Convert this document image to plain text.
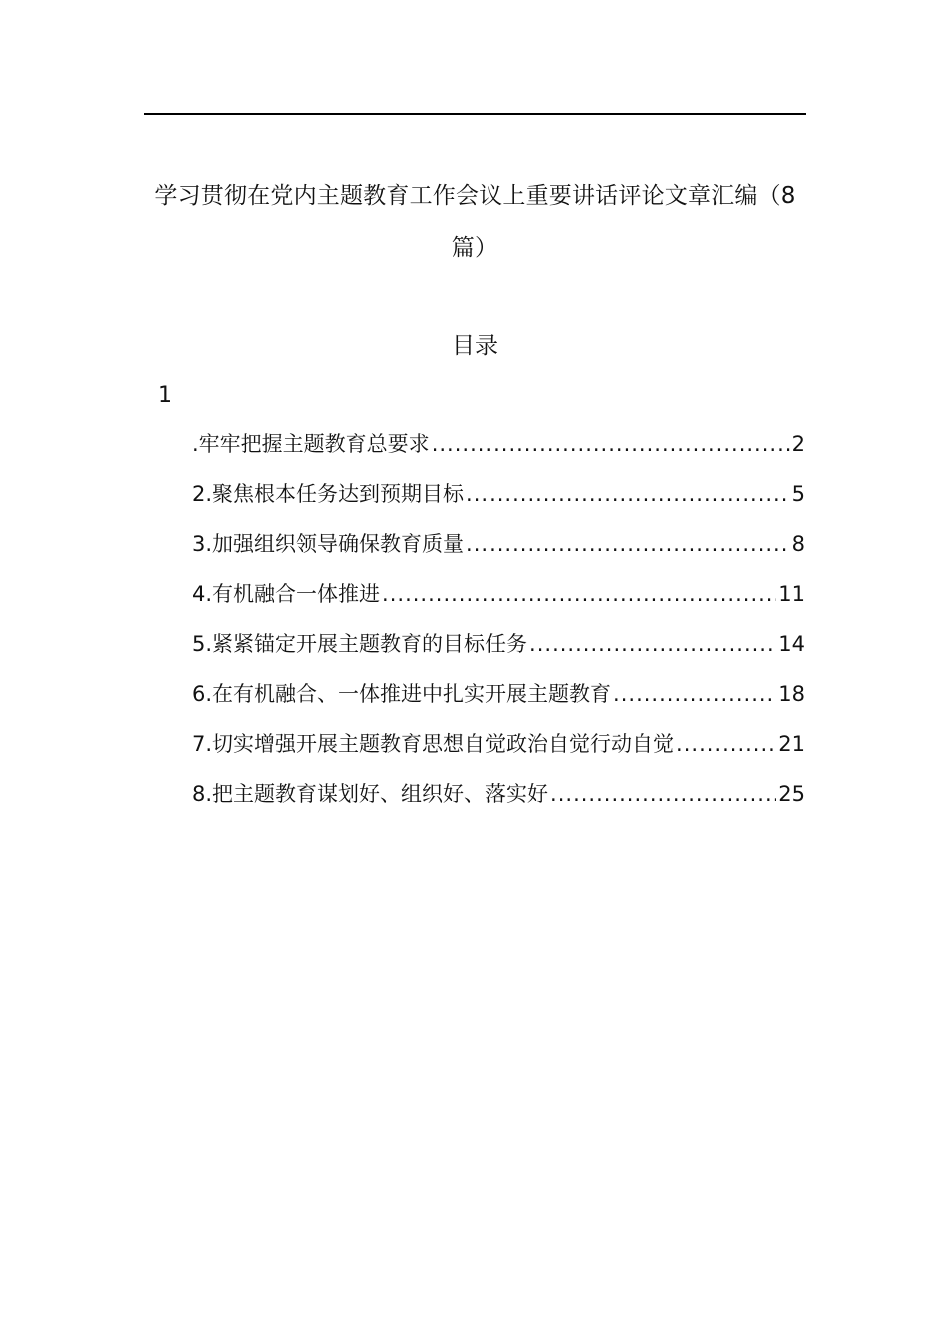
学习贯彻在党内主题教育工作会议上重要讲话评论文章汇编（8
篇）
目录
1
.牢牢把握主题教育总要求 .....	2
2.聚焦根本任务达到预期目标 .....	5
3.加强组织领导确保教育质量 .....	8
4.有机融合一体推进 .....	11
5.紧紧锚定开展主题教育的目标任务 .....	14
6.在有机融合、一体推进中扎实开展主题教育 .....	18
7.切实增强开展主题教育思想自觉政治自觉行动自觉 .....	21
8.把主题教育谋划好、组织好、落实好 .....	25
